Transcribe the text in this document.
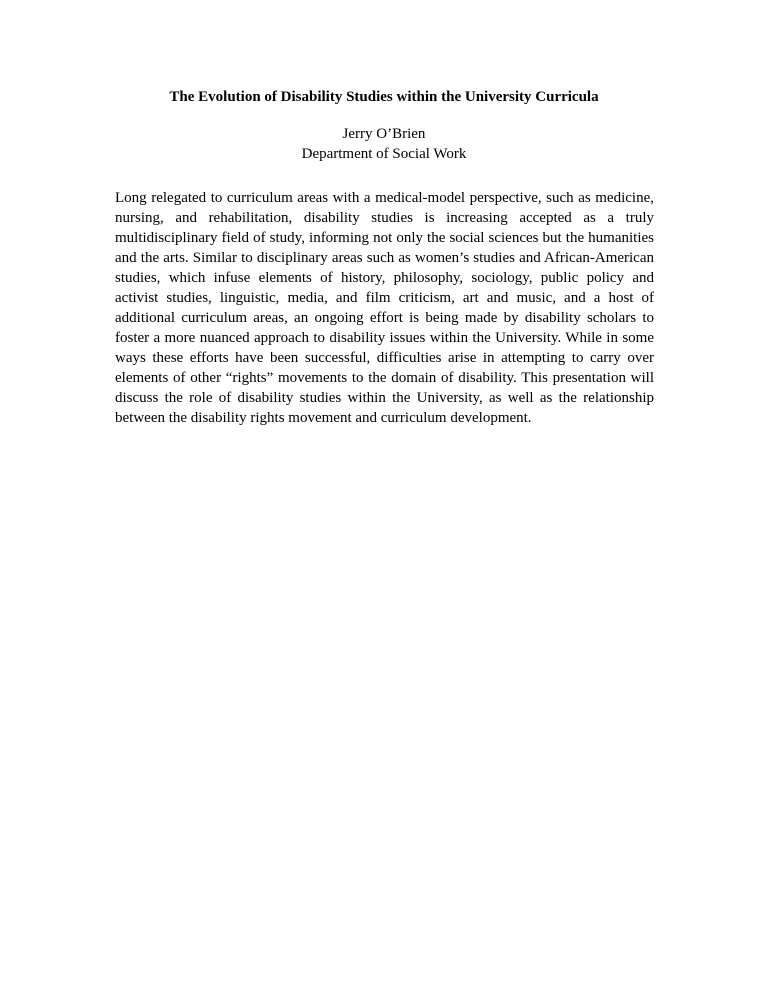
The Evolution of Disability Studies within the University Curricula
Jerry O’Brien
Department of Social Work

Long relegated to curriculum areas with a medical-model perspective, such as medicine, nursing, and rehabilitation, disability studies is increasing accepted as a truly multidisciplinary field of study, informing not only the social sciences but the humanities and the arts. Similar to disciplinary areas such as women’s studies and African-American studies, which infuse elements of history, philosophy, sociology, public policy and activist studies, linguistic, media, and film criticism, art and music, and a host of additional curriculum areas, an ongoing effort is being made by disability scholars to foster a more nuanced approach to disability issues within the University. While in some ways these efforts have been successful, difficulties arise in attempting to carry over elements of other “rights” movements to the domain of disability. This presentation will discuss the role of disability studies within the University, as well as the relationship between the disability rights movement and curriculum development.
